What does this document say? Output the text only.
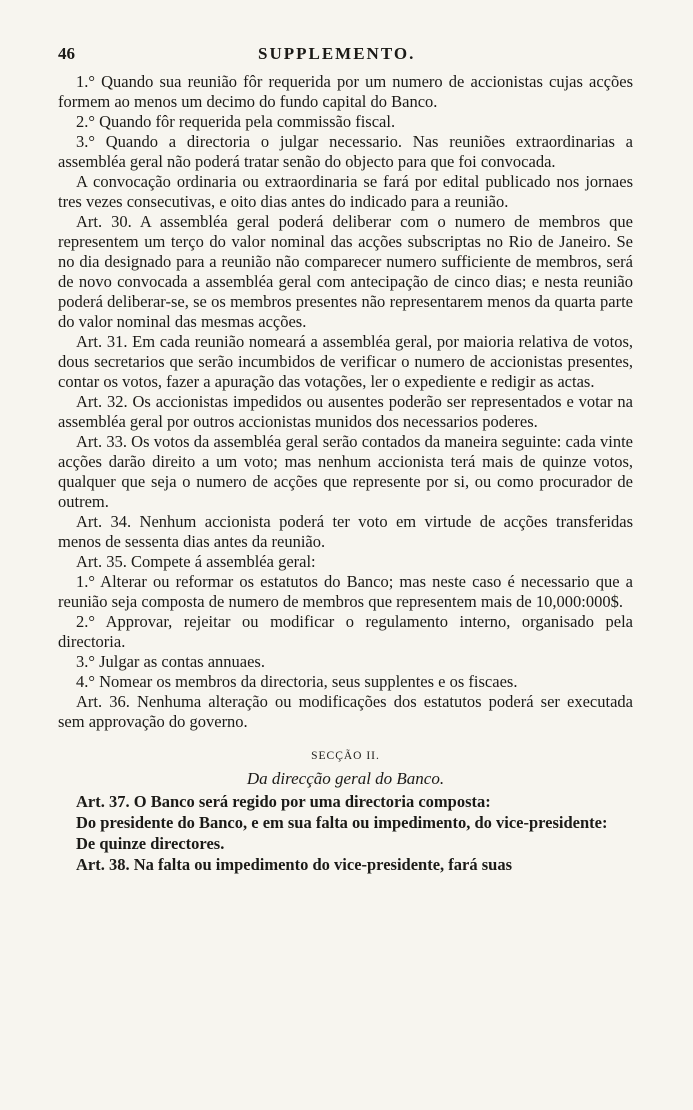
46	SUPPLEMENTO.

1.° Quando sua reunião fôr requerida por um numero de accionistas cujas acções formem ao menos um decimo do fundo capital do Banco.

2.° Quando fôr requerida pela commissão fiscal.

3.° Quando a directoria o julgar necessario. Nas reuniões extraordinarias a assembléa geral não poderá tratar senão do objecto para que foi convocada.

A convocação ordinaria ou extraordinaria se fará por edital publicado nos jornaes tres vezes consecutivas, e oito dias antes do indicado para a reunião.

Art. 30. A assembléa geral poderá deliberar com o numero de membros que representem um terço do valor nominal das acções subscriptas no Rio de Janeiro. Se no dia designado para a reunião não comparecer numero sufficiente de membros, será de novo convocada a assembléa geral com antecipação de cinco dias; e nesta reunião poderá deliberar-se, se os membros presentes não representarem menos da quarta parte do valor nominal das mesmas acções.

Art. 31. Em cada reunião nomeará a assembléa geral, por maioria relativa de votos, dous secretarios que serão incumbidos de verificar o numero de accionistas presentes, contar os votos, fazer a apuração das votações, ler o expediente e redigir as actas.

Art. 32. Os accionistas impedidos ou ausentes poderão ser representados e votar na assembléa geral por outros accionistas munidos dos necessarios poderes.

Art. 33. Os votos da assembléa geral serão contados da maneira seguinte: cada vinte acções darão direito a um voto; mas nenhum accionista terá mais de quinze votos, qualquer que seja o numero de acções que represente por si, ou como procurador de outrem.

Art. 34. Nenhum accionista poderá ter voto em virtude de acções transferidas menos de sessenta dias antes da reunião.

Art. 35. Compete á assembléa geral:

1.° Alterar ou reformar os estatutos do Banco; mas neste caso é necessario que a reunião seja composta de numero de membros que representem mais de 10,000:000$.

2.° Approvar, rejeitar ou modificar o regulamento interno, organisado pela directoria.

3.° Julgar as contas annuaes.

4.° Nomear os membros da directoria, seus supplentes e os fiscaes.

Art. 36. Nenhuma alteração ou modificações dos estatutos poderá ser executada sem approvação do governo.

SECÇÃO II.
Da direcção geral do Banco.

Art. 37. O Banco será regido por uma directoria composta:

Do presidente do Banco, e em sua falta ou impedimento, do vice-presidente:

De quinze directores.

Art. 38. Na falta ou impedimento do vice-presidente, fará suas
